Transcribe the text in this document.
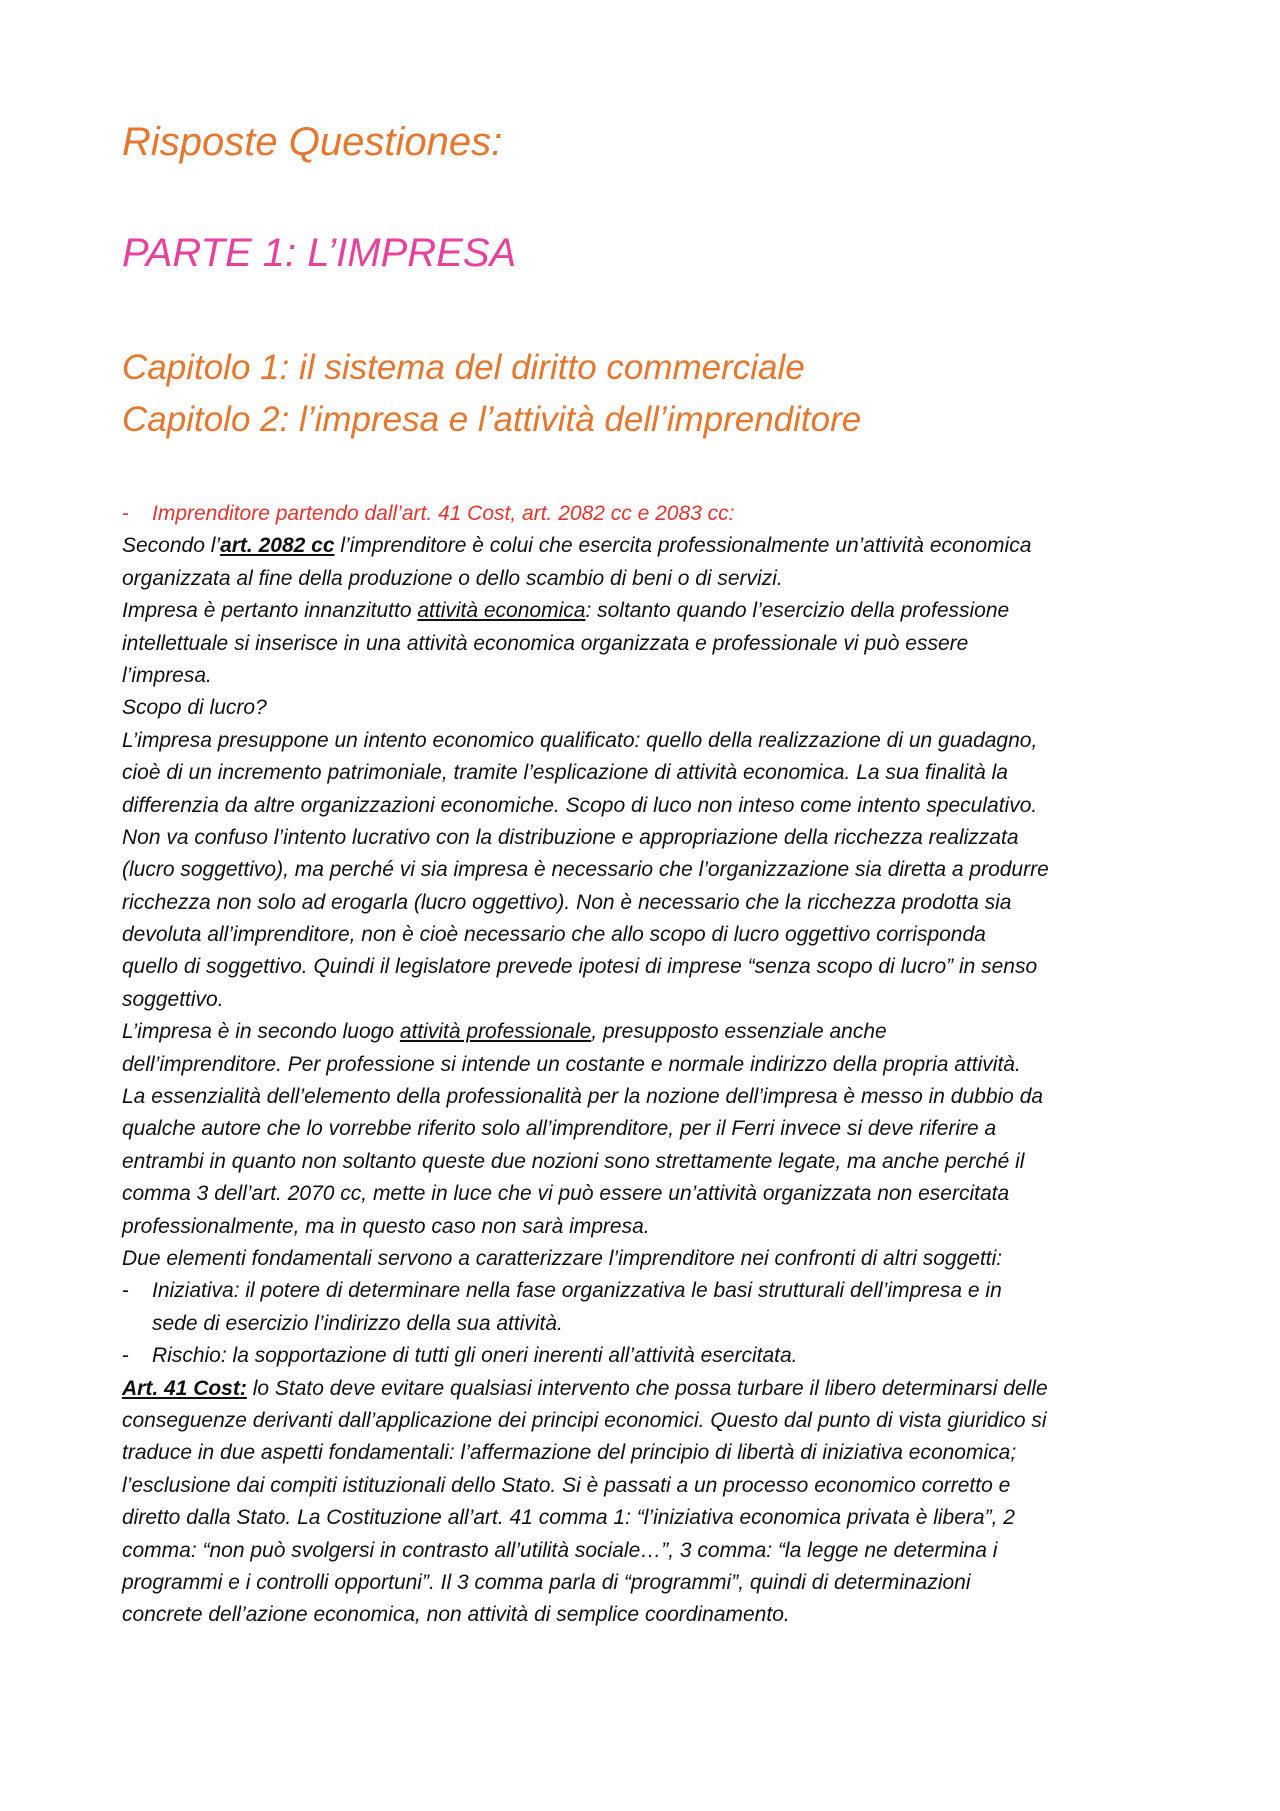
Risposte Questiones:
PARTE 1: L’IMPRESA
Capitolo 1: il sistema del diritto commerciale
Capitolo 2: l’impresa e l’attività dell’imprenditore
- Imprenditore partendo dall’art. 41 Cost, art. 2082 cc e 2083 cc:
Secondo l’art. 2082 cc l’imprenditore è colui che esercita professionalmente un’attività economica
organizzata al fine della produzione o dello scambio di beni o di servizi.
Impresa è pertanto innanzitutto attività economica: soltanto quando l’esercizio della professione
intellettuale si inserisce in una attività economica organizzata e professionale vi può essere
l’impresa.
Scopo di lucro?
L’impresa presuppone un intento economico qualificato: quello della realizzazione di un guadagno,
cioè di un incremento patrimoniale, tramite l’esplicazione di attività economica. La sua finalità la
differenzia da altre organizzazioni economiche. Scopo di luco non inteso come intento speculativo.
Non va confuso l’intento lucrativo con la distribuzione e appropriazione della ricchezza realizzata
(lucro soggettivo), ma perché vi sia impresa è necessario che l’organizzazione sia diretta a produrre
ricchezza non solo ad erogarla (lucro oggettivo). Non è necessario che la ricchezza prodotta sia
devoluta all’imprenditore, non è cioè necessario che allo scopo di lucro oggettivo corrisponda
quello di soggettivo. Quindi il legislatore prevede ipotesi di imprese “senza scopo di lucro” in senso
soggettivo.
L’impresa è in secondo luogo attività professionale, presupposto essenziale anche
dell’imprenditore. Per professione si intende un costante e normale indirizzo della propria attività.
La essenzialità dell’elemento della professionalità per la nozione dell’impresa è messo in dubbio da
qualche autore che lo vorrebbe riferito solo all’imprenditore, per il Ferri invece si deve riferire a
entrambi in quanto non soltanto queste due nozioni sono strettamente legate, ma anche perché il
comma 3 dell’art. 2070 cc, mette in luce che vi può essere un’attività organizzata non esercitata
professionalmente, ma in questo caso non sarà impresa.
Due elementi fondamentali servono a caratterizzare l’imprenditore nei confronti di altri soggetti:
- Iniziativa: il potere di determinare nella fase organizzativa le basi strutturali dell’impresa e in
sede di esercizio l’indirizzo della sua attività.
- Rischio: la sopportazione di tutti gli oneri inerenti all’attività esercitata.
Art. 41 Cost: lo Stato deve evitare qualsiasi intervento che possa turbare il libero determinarsi delle
conseguenze derivanti dall’applicazione dei principi economici. Questo dal punto di vista giuridico si
traduce in due aspetti fondamentali: l’affermazione del principio di libertà di iniziativa economica;
l’esclusione dai compiti istituzionali dello Stato. Si è passati a un processo economico corretto e
diretto dalla Stato. La Costituzione all’art. 41 comma 1: “l’iniziativa economica privata è libera”, 2
comma: “non può svolgersi in contrasto all’utilità sociale…”, 3 comma: “la legge ne determina i
programmi e i controlli opportuni”. Il 3 comma parla di “programmi”, quindi di determinazioni
concrete dell’azione economica, non attività di semplice coordinamento.
